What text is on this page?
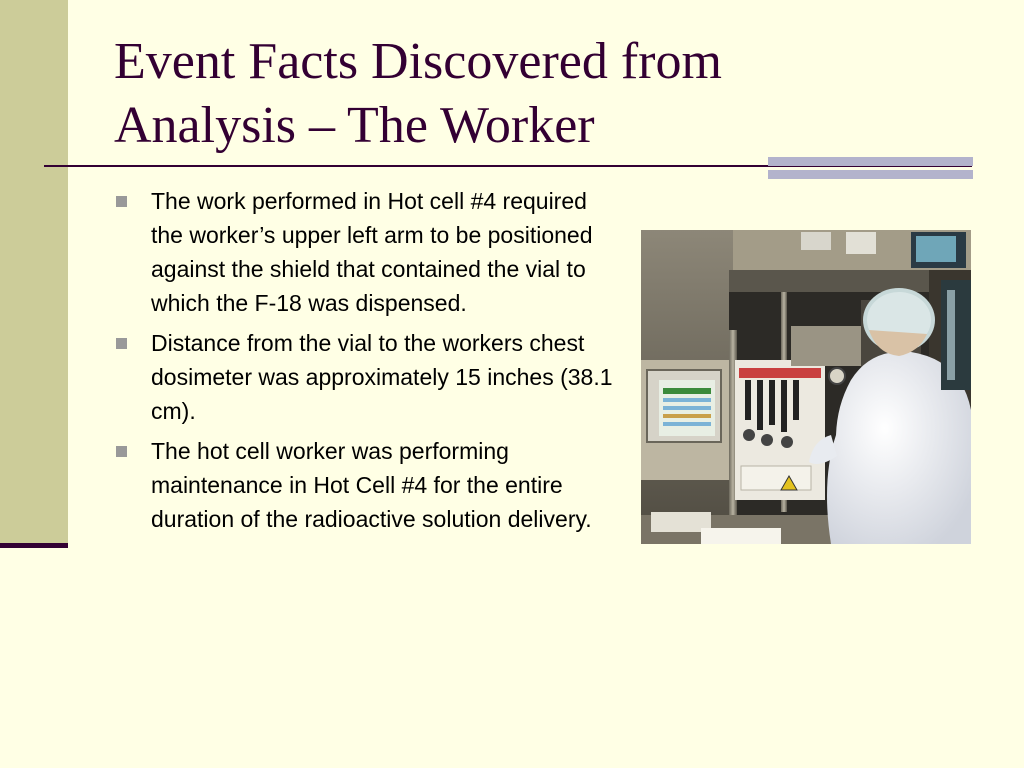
Event Facts Discovered from Analysis – The Worker
The work performed in Hot cell #4 required the worker’s upper left arm to be positioned against the shield that contained the vial to which the F-18 was dispensed.
Distance from the vial to the workers chest dosimeter was approximately 15 inches (38.1 cm).
The hot cell worker was performing maintenance in Hot Cell #4 for the entire duration of the radioactive solution delivery.
